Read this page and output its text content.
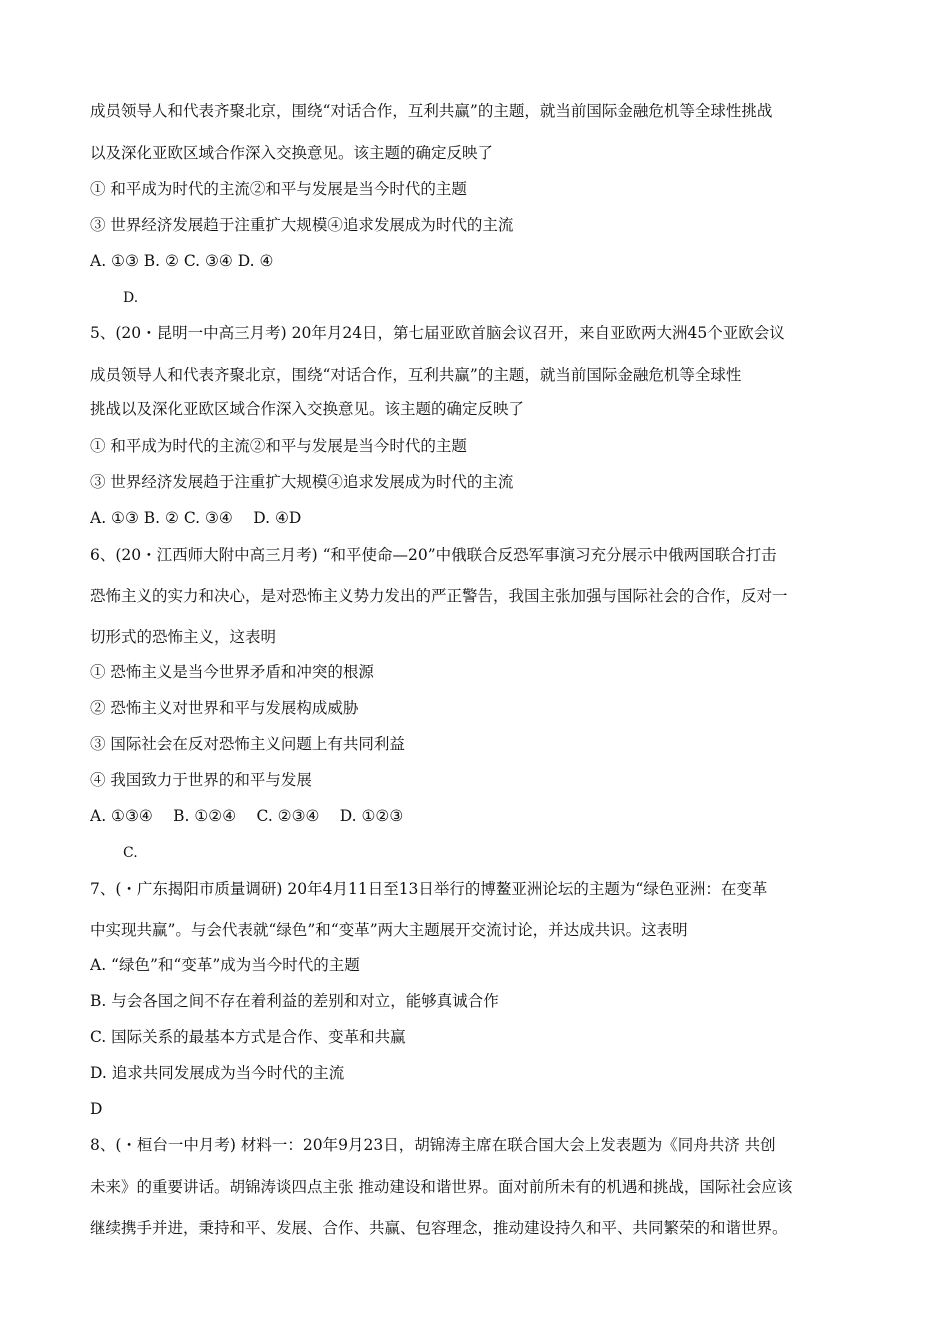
成员领导人和代表齐聚北京，围绕“对话合作，互利共赢”的主题，就当前国际金融危机等全球性挑战
以及深化亚欧区域合作深入交换意见。该主题的确定反映了
① 和平成为时代的主流②和平与发展是当今时代的主题
③ 世界经济发展趋于注重扩大规模④追求发展成为时代的主流
A. ①③ B. ② C. ③④ D. ④
D.
5、(20・昆明一中高三月考) 20年月24日，第七届亚欧首脑会议召开，来自亚欧两大洲45个亚欧会议
成员领导人和代表齐聚北京，围绕“对话合作，互利共赢”的主题，就当前国际金融危机等全球性
挑战以及深化亚欧区域合作深入交换意见。该主题的确定反映了
① 和平成为时代的主流②和平与发展是当今时代的主题
③ 世界经济发展趋于注重扩大规模④追求发展成为时代的主流
A. ①③ B. ② C. ③④　 D. ④D
6、(20・江西师大附中高三月考) “和平使命—20”中俄联合反恐军事演习充分展示中俄两国联合打击
恐怖主义的实力和决心，是对恐怖主义势力发出的严正警告，我国主张加强与国际社会的合作，反对一
切形式的恐怖主义，这表明
① 恐怖主义是当今世界矛盾和冲突的根源
② 恐怖主义对世界和平与发展构成威胁
③ 国际社会在反对恐怖主义问题上有共同利益
④ 我国致力于世界的和平与发展
A. ①③④　 B. ①②④　 C. ②③④　 D. ①②③
C.
7、(・广东揭阳市质量调研) 20年4月11日至13日举行的博鳌亚洲论坛的主题为“绿色亚洲：在变革
中实现共赢”。与会代表就“绿色”和“变革”两大主题展开交流讨论，并达成共识。这表明
A. “绿色”和“变革”成为当今时代的主题
B. 与会各国之间不存在着利益的差别和对立，能够真诚合作
C. 国际关系的最基本方式是合作、变革和共赢
D. 追求共同发展成为当今时代的主流
D
8、(・桓台一中月考) 材料一：20年9月23日，胡锦涛主席在联合国大会上发表题为《同舟共济 共创
未来》的重要讲话。胡锦涛谈四点主张 推动建设和谐世界。面对前所未有的机遇和挑战，国际社会应该
继续携手并进，秉持和平、发展、合作、共赢、包容理念，推动建设持久和平、共同繁荣的和谐世界。
